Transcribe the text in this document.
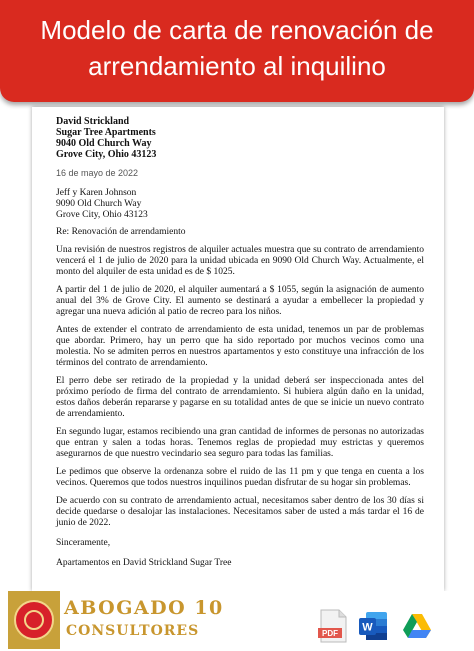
Modelo de carta de renovación de
arrendamiento al inquilino
David Strickland
Sugar Tree Apartments
9040 Old Church Way
Grove City, Ohio 43123
16 de mayo de 2022
Jeff y Karen Johnson
9090 Old Church Way
Grove City, Ohio 43123
Re: Renovación de arrendamiento
Una revisión de nuestros registros de alquiler actuales muestra que su contrato de arrendamiento vencerá el 1 de julio de 2020 para la unidad ubicada en 9090 Old Church Way. Actualmente, el monto del alquiler de esta unidad es de $ 1025.
A partir del 1 de julio de 2020, el alquiler aumentará a $ 1055, según la asignación de aumento anual del 3% de Grove City. El aumento se destinará a ayudar a embellecer la propiedad y agregar una nueva adición al patio de recreo para los niños.
Antes de extender el contrato de arrendamiento de esta unidad, tenemos un par de problemas que abordar. Primero, hay un perro que ha sido reportado por muchos vecinos como una molestia. No se admiten perros en nuestros apartamentos y esto constituye una infracción de los términos del contrato de arrendamiento.
El perro debe ser retirado de la propiedad y la unidad deberá ser inspeccionada antes del próximo período de firma del contrato de arrendamiento. Si hubiera algún daño en la unidad, estos daños deberán repararse y pagarse en su totalidad antes de que se inicie un nuevo contrato de arrendamiento.
En segundo lugar, estamos recibiendo una gran cantidad de informes de personas no autorizadas que entran y salen a todas horas. Tenemos reglas de propiedad muy estrictas y queremos asegurarnos de que nuestro vecindario sea seguro para todas las familias.
Le pedimos que observe la ordenanza sobre el ruido de las 11 pm y que tenga en cuenta a los vecinos. Queremos que todos nuestros inquilinos puedan disfrutar de su hogar sin problemas.
De acuerdo con su contrato de arrendamiento actual, necesitamos saber dentro de los 30 días si decide quedarse o desalojar las instalaciones. Necesitamos saber de usted a más tardar el 16 de junio de 2022.
Sinceramente,
Apartamentos en David Strickland Sugar Tree
ABOGADO 10
CONSULTORES	PDF W
